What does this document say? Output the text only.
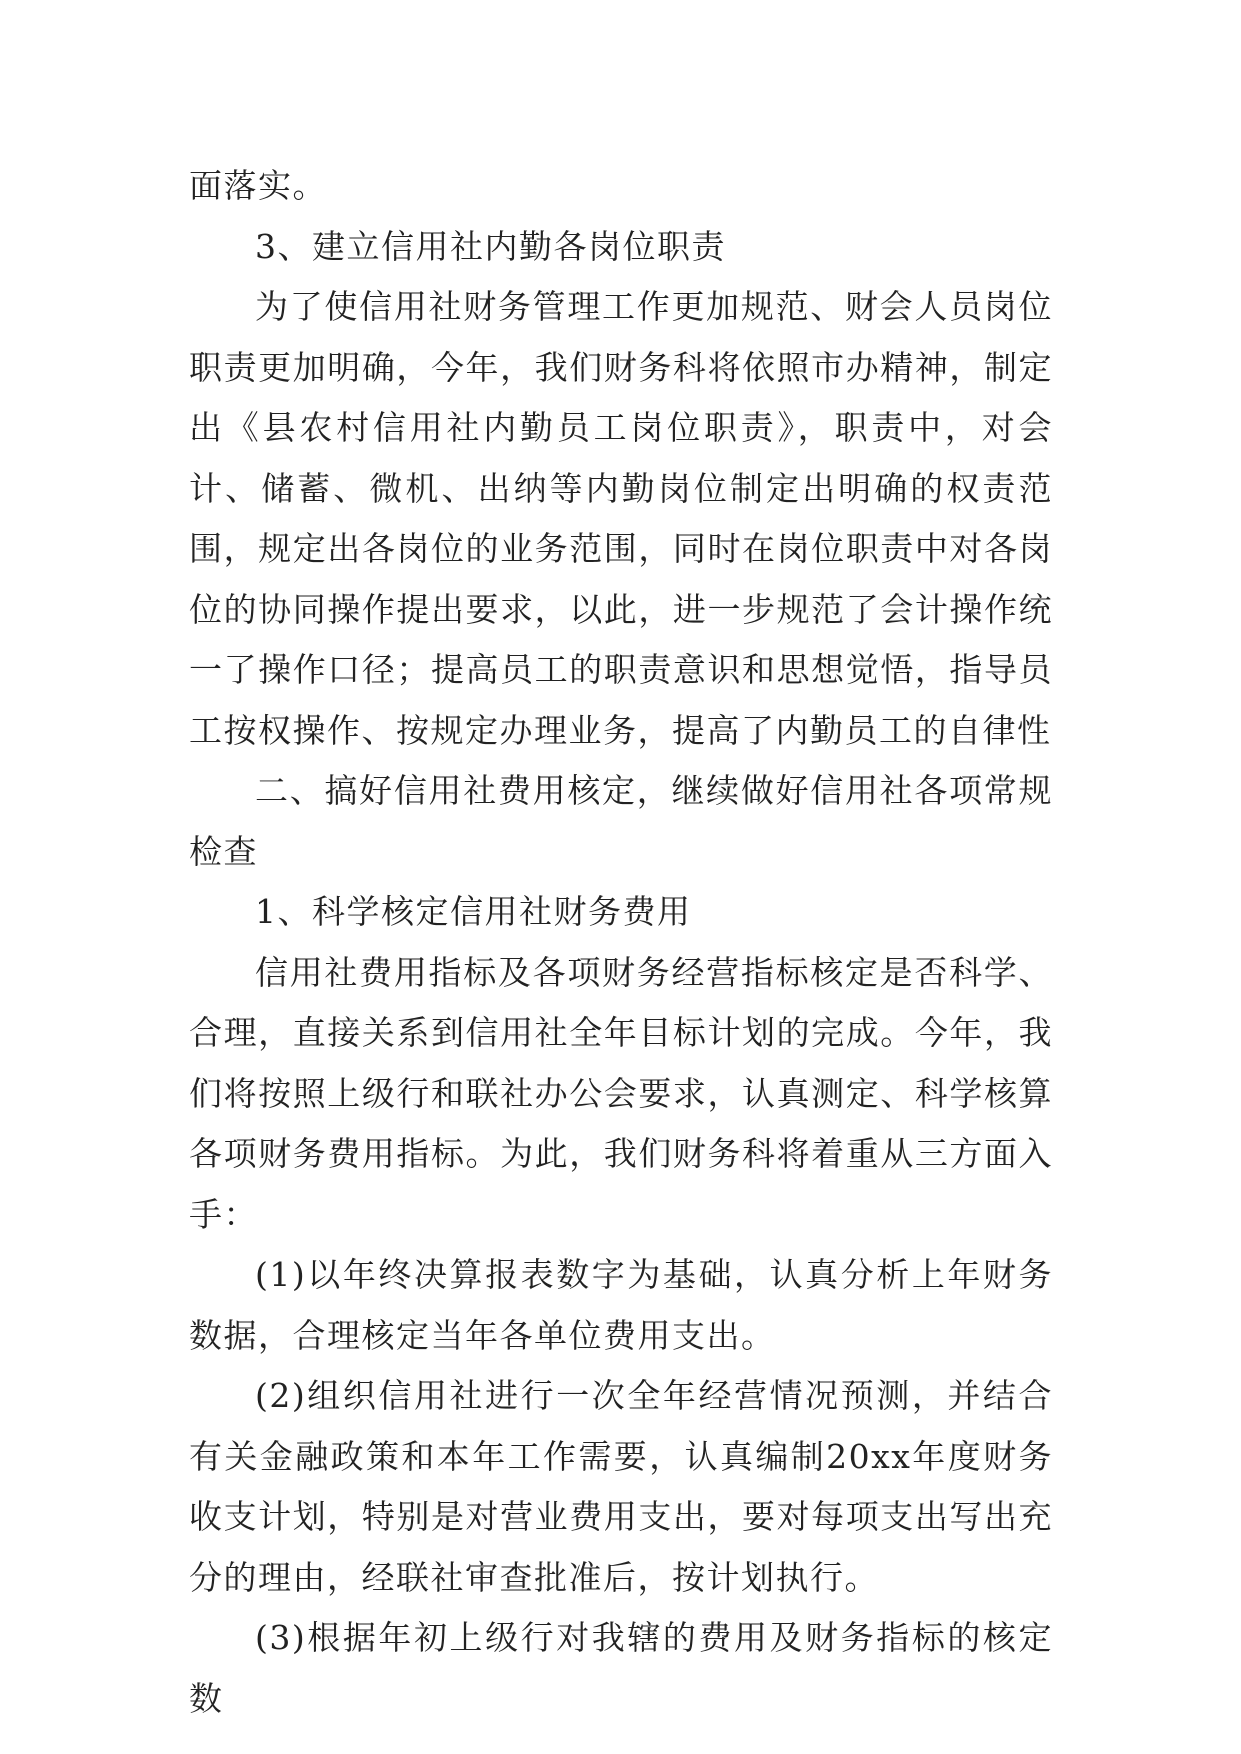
面落实。

3、建立信用社内勤各岗位职责

为了使信用社财务管理工作更加规范、财会人员岗位职责更加明确，今年，我们财务科将依照市办精神，制定出《县农村信用社内勤员工岗位职责》，职责中，对会计、储蓄、微机、出纳等内勤岗位制定出明确的权责范围，规定出各岗位的业务范围，同时在岗位职责中对各岗位的协同操作提出要求，以此，进一步规范了会计操作统一了操作口径；提高员工的职责意识和思想觉悟，指导员工按权操作、按规定办理业务，提高了内勤员工的自律性

二、搞好信用社费用核定，继续做好信用社各项常规检查

1、科学核定信用社财务费用

信用社费用指标及各项财务经营指标核定是否科学、合理，直接关系到信用社全年目标计划的完成。今年，我们将按照上级行和联社办公会要求，认真测定、科学核算各项财务费用指标。为此，我们财务科将着重从三方面入手：

(1)以年终决算报表数字为基础，认真分析上年财务数据，合理核定当年各单位费用支出。

(2)组织信用社进行一次全年经营情况预测，并结合有关金融政策和本年工作需要，认真编制20xx年度财务收支计划，特别是对营业费用支出，要对每项支出写出充分的理由，经联社审查批准后，按计划执行。

(3)根据年初上级行对我辖的费用及财务指标的核定数
